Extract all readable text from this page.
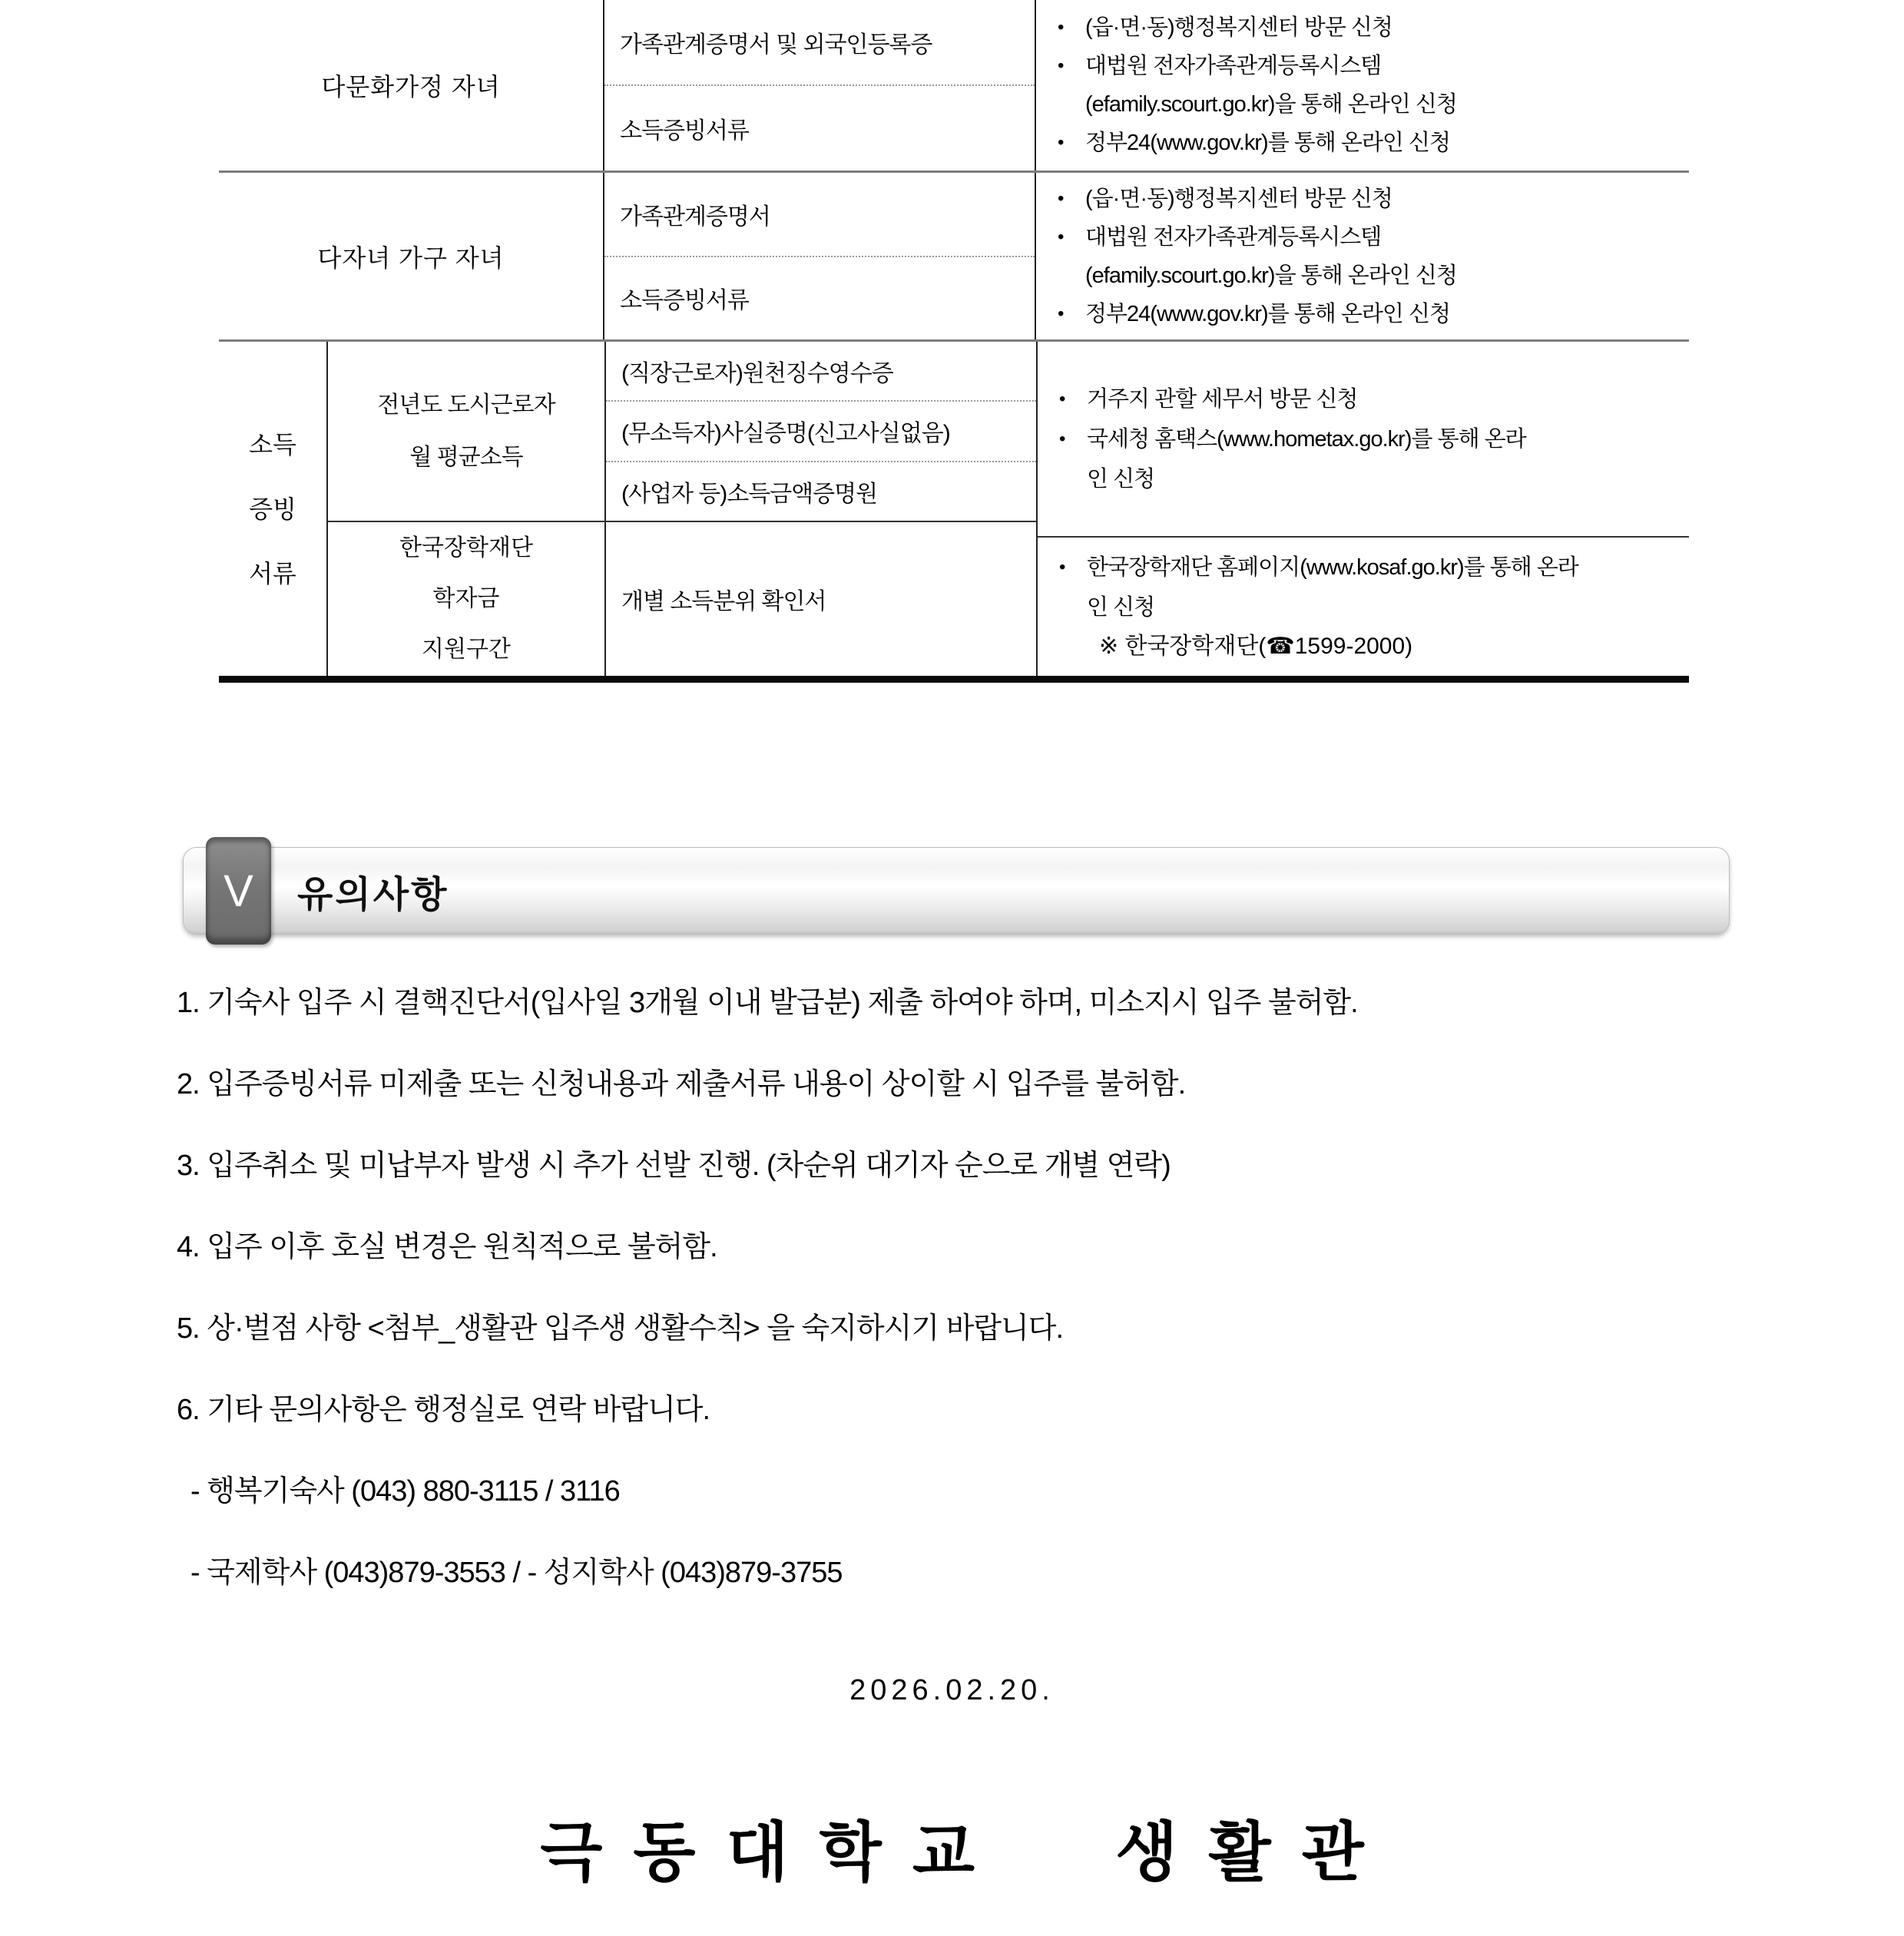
다문화가정 자녀
가족관계증명서 및 외국인등록증
소득증빙서류
• (읍·면·동)행정복지센터 방문 신청
• 대법원 전자가족관계등록시스템
(efamily.scourt.go.kr)을 통해 온라인 신청
• 정부24(www.gov.kr)를 통해 온라인 신청
다자녀 가구 자녀
가족관계증명서
소득증빙서류
• (읍·면·동)행정복지센터 방문 신청
• 대법원 전자가족관계등록시스템
(efamily.scourt.go.kr)을 통해 온라인 신청
• 정부24(www.gov.kr)를 통해 온라인 신청
소득
증빙
서류
전년도 도시근로자
월 평균소득
(직장근로자)원천징수영수증
(무소득자)사실증명(신고사실없음)
(사업자 등)소득금액증명원
한국장학재단
학자금
지원구간
개별 소득분위 확인서
• 거주지 관할 세무서 방문 신청
• 국세청 홈택스(www.hometax.go.kr)를 통해 온라
인 신청
• 한국장학재단 홈페이지(www.kosaf.go.kr)를 통해 온라
인 신청
※ 한국장학재단(☎1599-2000)
V	유의사항
1. 기숙사 입주 시 결핵진단서(입사일 3개월 이내 발급분) 제출 하여야 하며, 미소지시 입주 불허함.
2. 입주증빙서류 미제출 또는 신청내용과 제출서류 내용이 상이할 시 입주를 불허함.
3. 입주취소 및 미납부자 발생 시 추가 선발 진행. (차순위 대기자 순으로 개별 연락)
4. 입주 이후 호실 변경은 원칙적으로 불허함.
5. 상·벌점 사항 <첨부_생활관 입주생 생활수칙> 을 숙지하시기 바랍니다.
6. 기타 문의사항은 행정실로 연락 바랍니다.
- 행복기숙사 (043) 880-3115 / 3116
- 국제학사 (043)879-3553 / - 성지학사 (043)879-3755
2026.02.20.
극동대학교 생활관
